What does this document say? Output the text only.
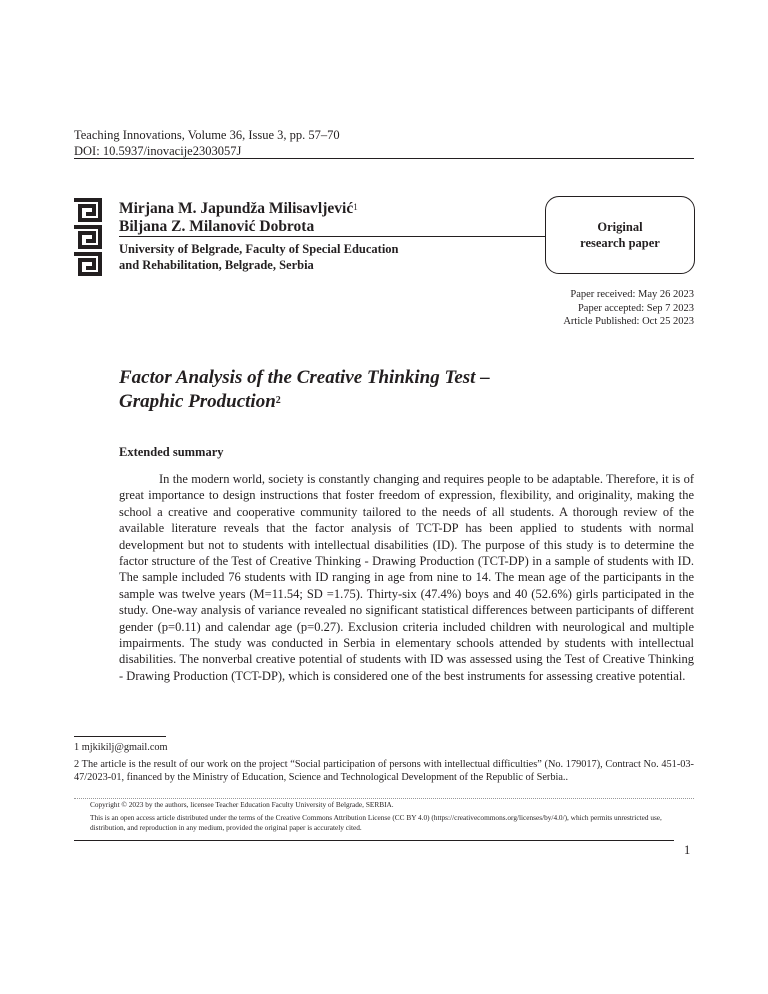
Teaching Innovations, Volume 36, Issue 3, pp. 57–70
DOI: 10.5937/inovacije2303057J
Mirjana M. Japundža Milisavljević$^1$
Biljana Z. Milanović Dobrota
University of Belgrade, Faculty of Special Education
and Rehabilitation, Belgrade, Serbia
Original
research paper
Paper received: May 26 2023
Paper accepted: Sep 7 2023
Article Published: Oct 25 2023
Factor Analysis of the Creative Thinking Test –
Graphic Production$^2$
Extended summary

In the modern world, society is constantly changing and requires people to be adaptable. Therefore, it is of great importance to design instructions that foster freedom of expression, flexibility, and originality, making the school a creative and cooperative community tailored to the needs of all students. A thorough review of the available literature reveals that the factor analysis of TCT-DP has been applied to students with normal development but not to students with intellectual disabilities (ID). The purpose of this study is to determine the factor structure of the Test of Creative Thinking - Drawing Production (TCT-DP) in a sample of students with ID. The sample included 76 students with ID ranging in age from nine to 14. The mean age of the participants in the sample was twelve years (M=11.54; SD =1.75). Thirty-six (47.4%) boys and 40 (52.6%) girls participated in the study. One-way analysis of variance revealed no significant statistical differences between participants of different gender (p=0.11) and calendar age (p=0.27). Exclusion criteria included children with neurological and multiple impairments. The study was conducted in Serbia in elementary schools attended by students with intellectual disabilities. The nonverbal creative potential of students with ID was assessed using the Test of Creative Thinking - Drawing Production (TCT-DP), which is considered one of the best instruments for assessing creative potential.

1 mjkikilj@gmail.com
2 The article is the result of our work on the project “Social participation of persons with intellectual difficulties” (No. 179017), Contract No. 451-03-47/2023-01, financed by the Ministry of Education, Science and Technological Development of the Republic of Serbia..
Copyright © 2023 by the authors, licensee Teacher Education Faculty University of Belgrade, SERBIA.
This is an open access article distributed under the terms of the Creative Commons Attribution License (CC BY 4.0) (https://creativecommons.org/licenses/by/4.0/), which permits unrestricted use, distribution, and reproduction in any medium, provided the original paper is accurately cited.
1
